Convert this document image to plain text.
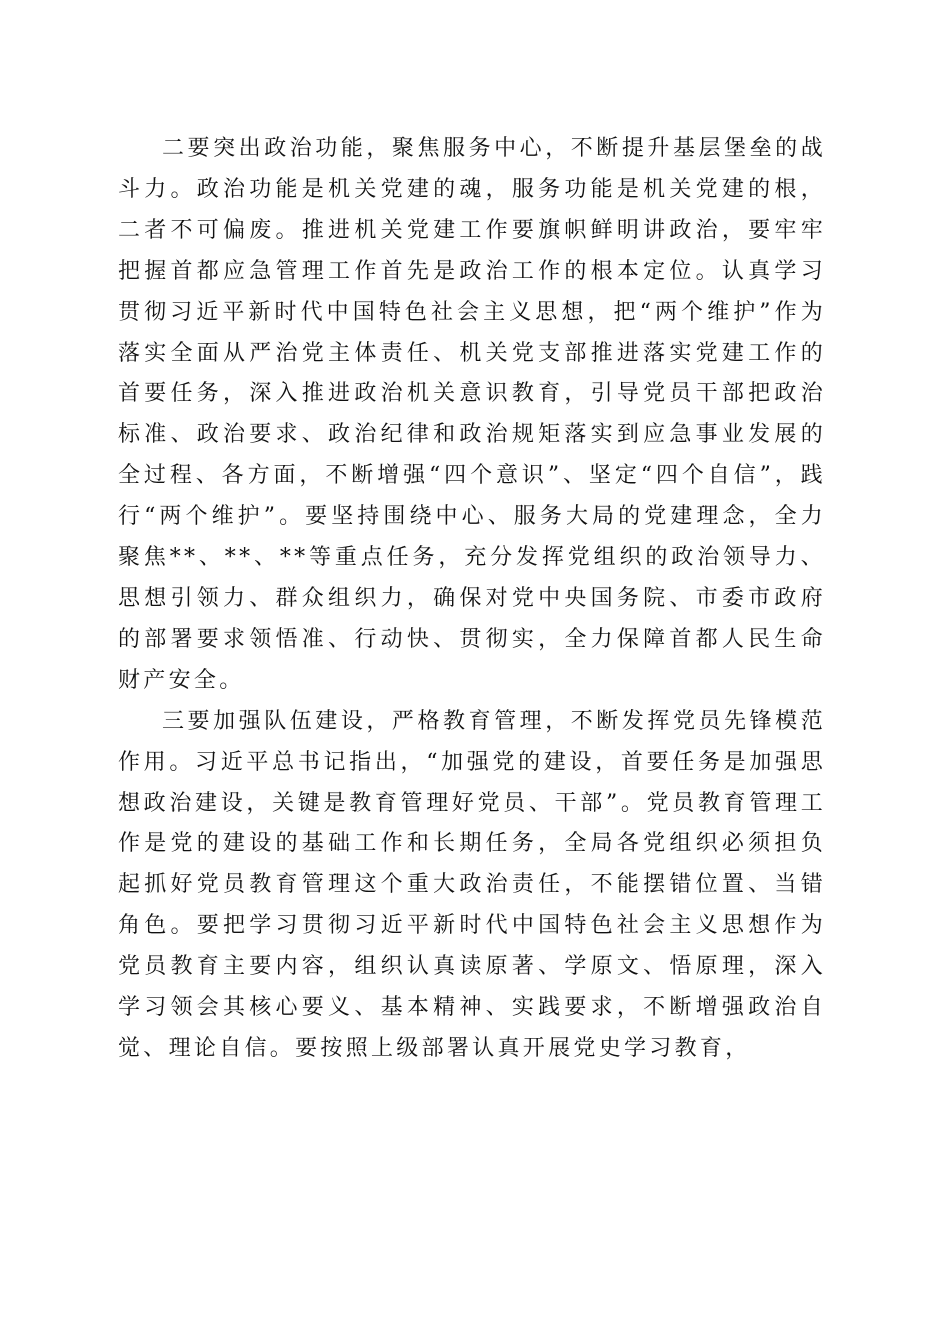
二要突出政治功能，聚焦服务中心，不断提升基层堡垒的战斗力。政治功能是机关党建的魂，服务功能是机关党建的根，二者不可偏废。推进机关党建工作要旗帜鲜明讲政治，要牢牢把握首都应急管理工作首先是政治工作的根本定位。认真学习贯彻习近平新时代中国特色社会主义思想，把“两个维护”作为落实全面从严治党主体责任、机关党支部推进落实党建工作的首要任务，深入推进政治机关意识教育，引导党员干部把政治标准、政治要求、政治纪律和政治规矩落实到应急事业发展的全过程、各方面，不断增强“四个意识”、坚定“四个自信”，践行“两个维护”。要坚持围绕中心、服务大局的党建理念，全力聚焦**、**、**等重点任务，充分发挥党组织的政治领导力、思想引领力、群众组织力，确保对党中央国务院、市委市政府的部署要求领悟准、行动快、贯彻实，全力保障首都人民生命财产安全。

三要加强队伍建设，严格教育管理，不断发挥党员先锋模范作用。习近平总书记指出，“加强党的建设，首要任务是加强思想政治建设，关键是教育管理好党员、干部”。党员教育管理工作是党的建设的基础工作和长期任务，全局各党组织必须担负起抓好党员教育管理这个重大政治责任，不能摆错位置、当错角色。要把学习贯彻习近平新时代中国特色社会主义思想作为党员教育主要内容，组织认真读原著、学原文、悟原理，深入学习领会其核心要义、基本精神、实践要求，不断增强政治自觉、理论自信。要按照上级部署认真开展党史学习教育，
